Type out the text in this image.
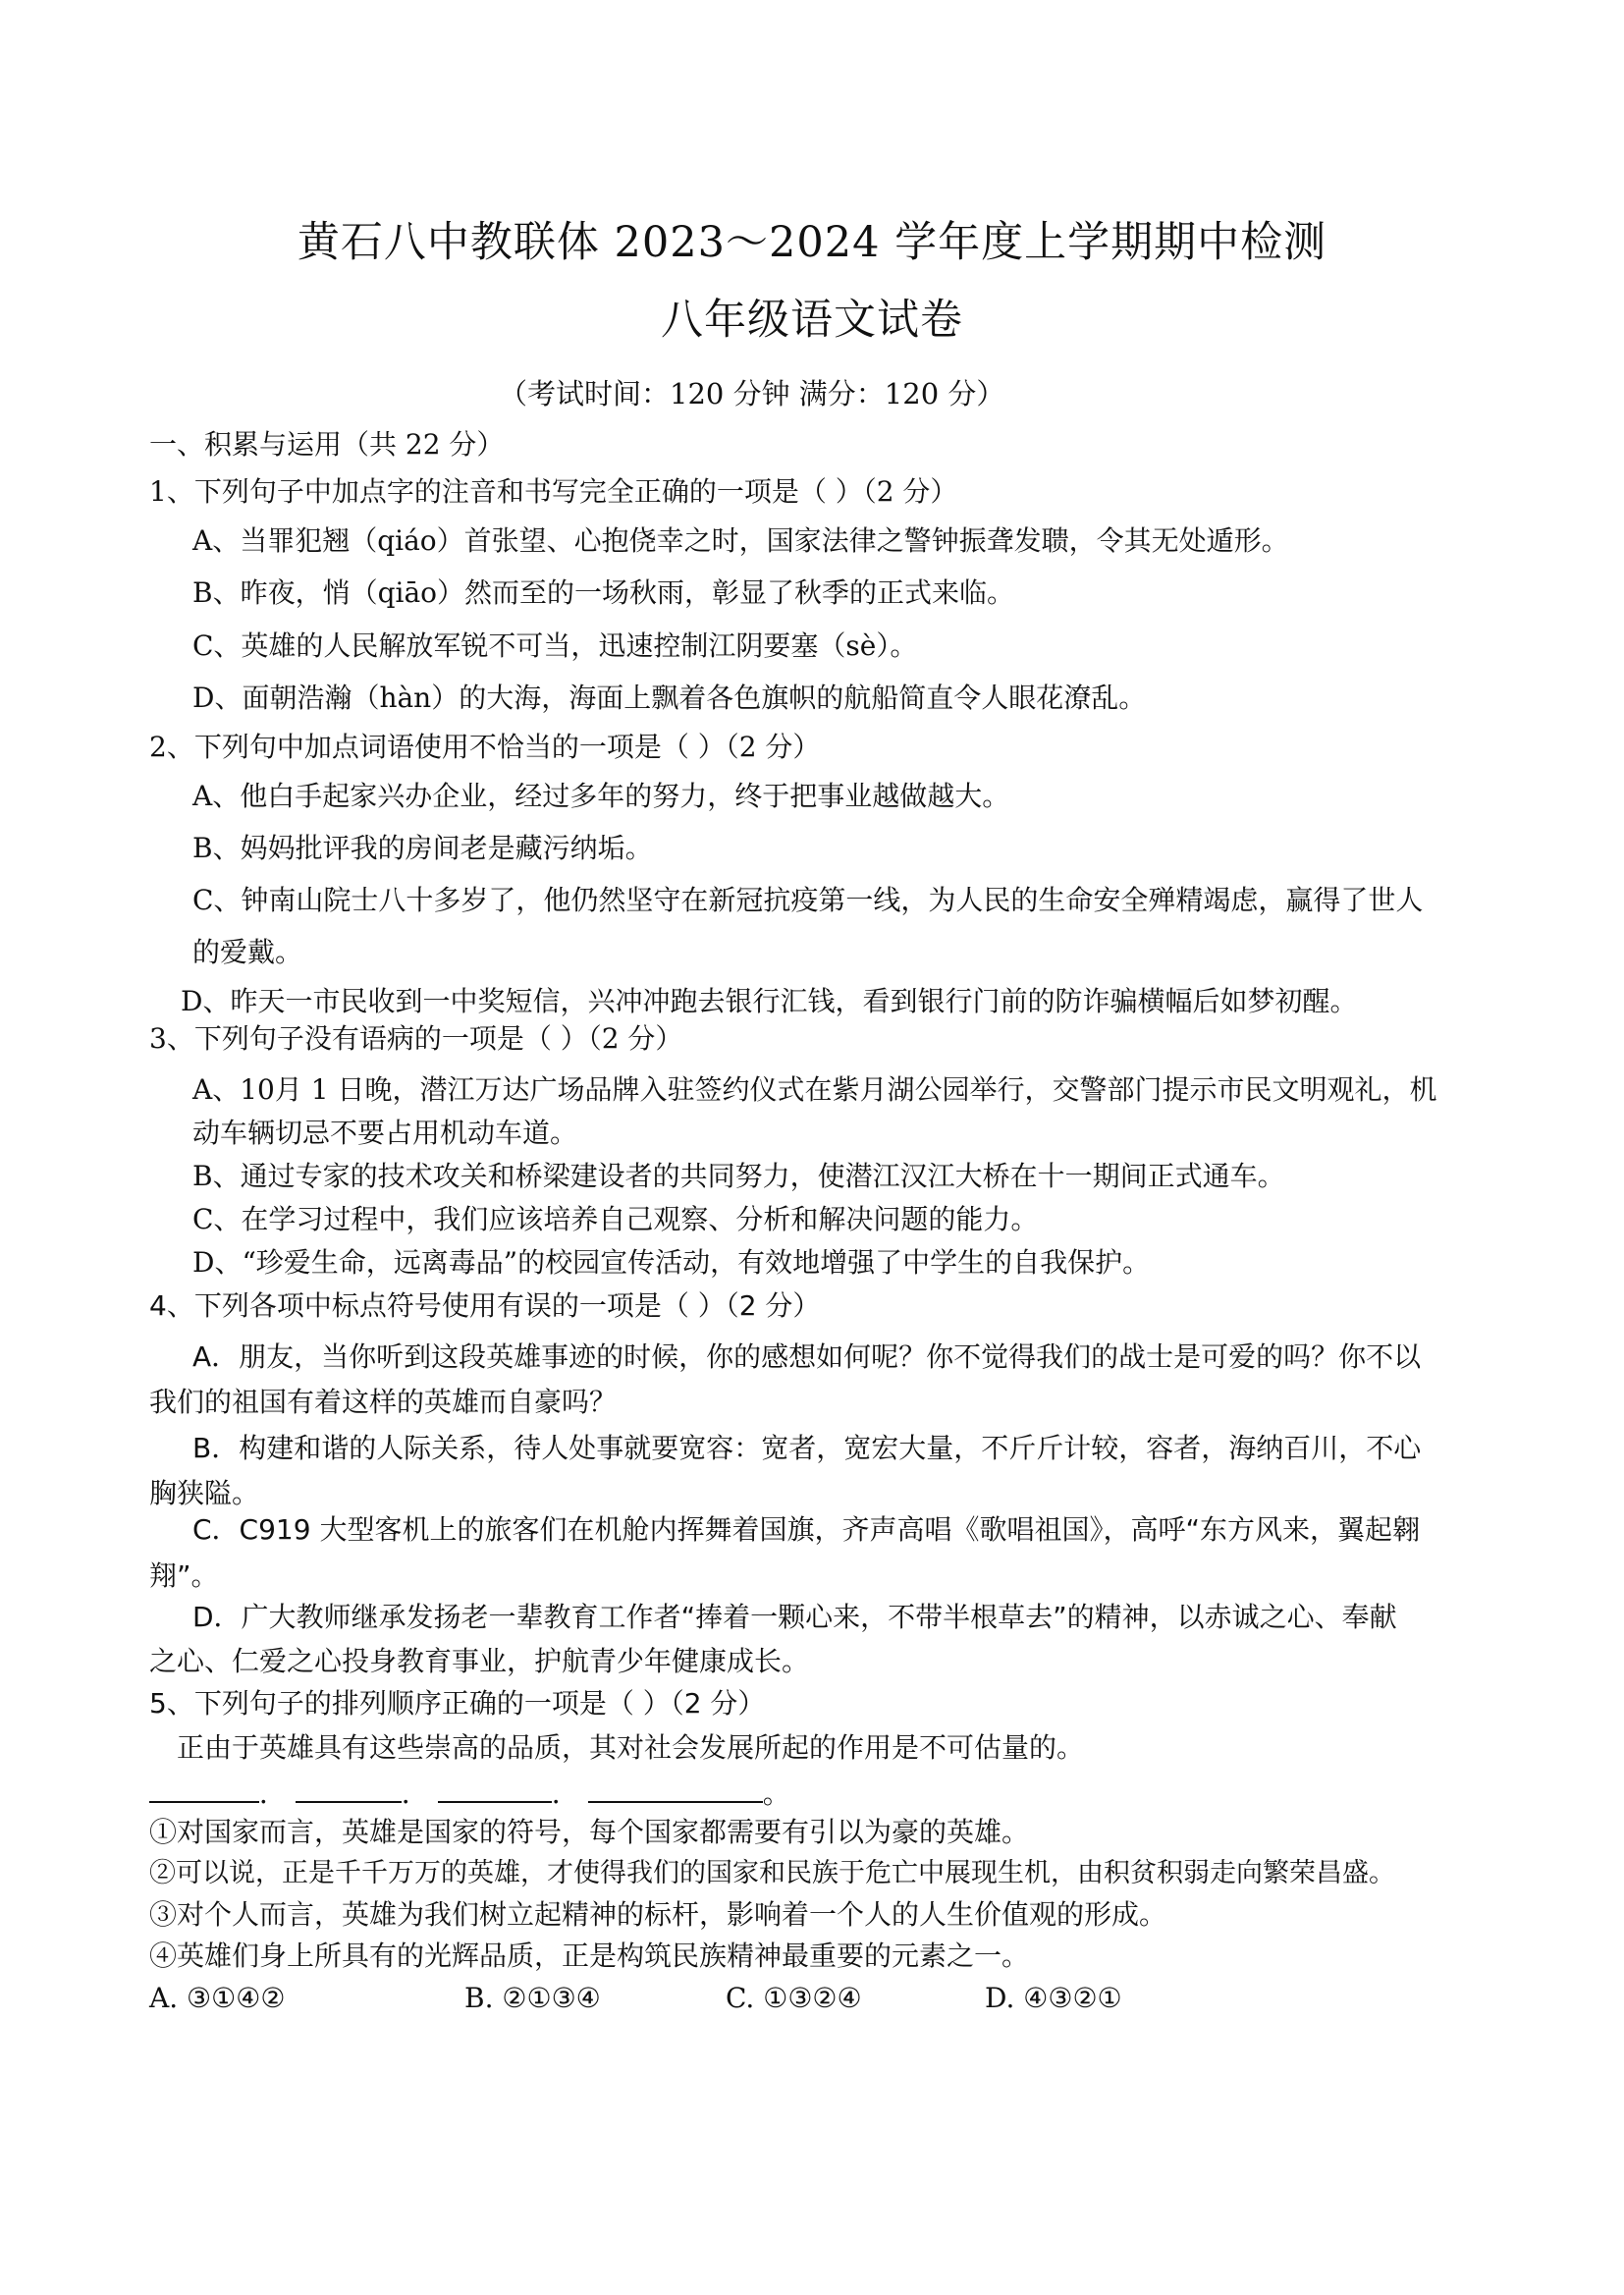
黄石八中教联体 2023～2024 学年度上学期期中检测
八年级语文试卷
（考试时间：120 分钟 满分：120 分）
一、积累与运用（共 22 分）
1、下列句子中加点字的注音和书写完全正确的一项是（ ）（2 分）
A、当罪犯翘（qiáo）首张望、心抱侥幸之时，国家法律之警钟振聋发聩，令其无处遁形。
B、昨夜，悄（qiāo）然而至的一场秋雨，彰显了秋季的正式来临。
C、英雄的人民解放军锐不可当，迅速控制江阴要塞（sè）。
D、面朝浩瀚（hàn）的大海，海面上飘着各色旗帜的航船简直令人眼花潦乱。
2、下列句中加点词语使用不恰当的一项是（ ）（2 分）
A、他白手起家兴办企业，经过多年的努力，终于把事业越做越大。
B、妈妈批评我的房间老是藏污纳垢。
C、钟南山院士八十多岁了，他仍然坚守在新冠抗疫第一线，为人民的生命安全殚精竭虑，赢得了世人
的爱戴。
D、昨天一市民收到一中奖短信，兴冲冲跑去银行汇钱，看到银行门前的防诈骗横幅后如梦初醒。
3、下列句子没有语病的一项是（ ）（2 分）
A、10月 1 日晚，潜江万达广场品牌入驻签约仪式在紫月湖公园举行，交警部门提示市民文明观礼，机
动车辆切忌不要占用机动车道。
B、通过专家的技术攻关和桥梁建设者的共同努力，使潜江汉江大桥在十一期间正式通车。
C、在学习过程中，我们应该培养自己观察、分析和解决问题的能力。
D、“珍爱生命，远离毒品”的校园宣传活动，有效地增强了中学生的自我保护。
4、下列各项中标点符号使用有误的一项是（ ）（2 分）
A．朋友，当你听到这段英雄事迹的时候，你的感想如何呢？你不觉得我们的战士是可爱的吗？你不以
我们的祖国有着这样的英雄而自豪吗？
B．构建和谐的人际关系，待人处事就要宽容：宽者，宽宏大量，不斤斤计较，容者，海纳百川，不心
胸狭隘。
C．C919 大型客机上的旅客们在机舱内挥舞着国旗，齐声高唱《歌唱祖国》，高呼“东方风来，翼起翱
翔”。
D．广大教师继承发扬老一辈教育工作者“捧着一颗心来，不带半根草去”的精神，以赤诚之心、奉献
之心、仁爱之心投身教育事业，护航青少年健康成长。
5、下列句子的排列顺序正确的一项是（ ）（2 分）
正由于英雄具有这些崇高的品质，其对社会发展所起的作用是不可估量的。
．	．	．	。
①对国家而言，英雄是国家的符号，每个国家都需要有引以为豪的英雄。
②可以说，正是千千万万的英雄，才使得我们的国家和民族于危亡中展现生机，由积贫积弱走向繁荣昌盛。
③对个人而言，英雄为我们树立起精神的标杆，影响着一个人的人生价值观的形成。
④英雄们身上所具有的光辉品质，正是构筑民族精神最重要的元素之一。
A. ③①④②	B. ②①③④	C. ①③②④	D. ④③②①
